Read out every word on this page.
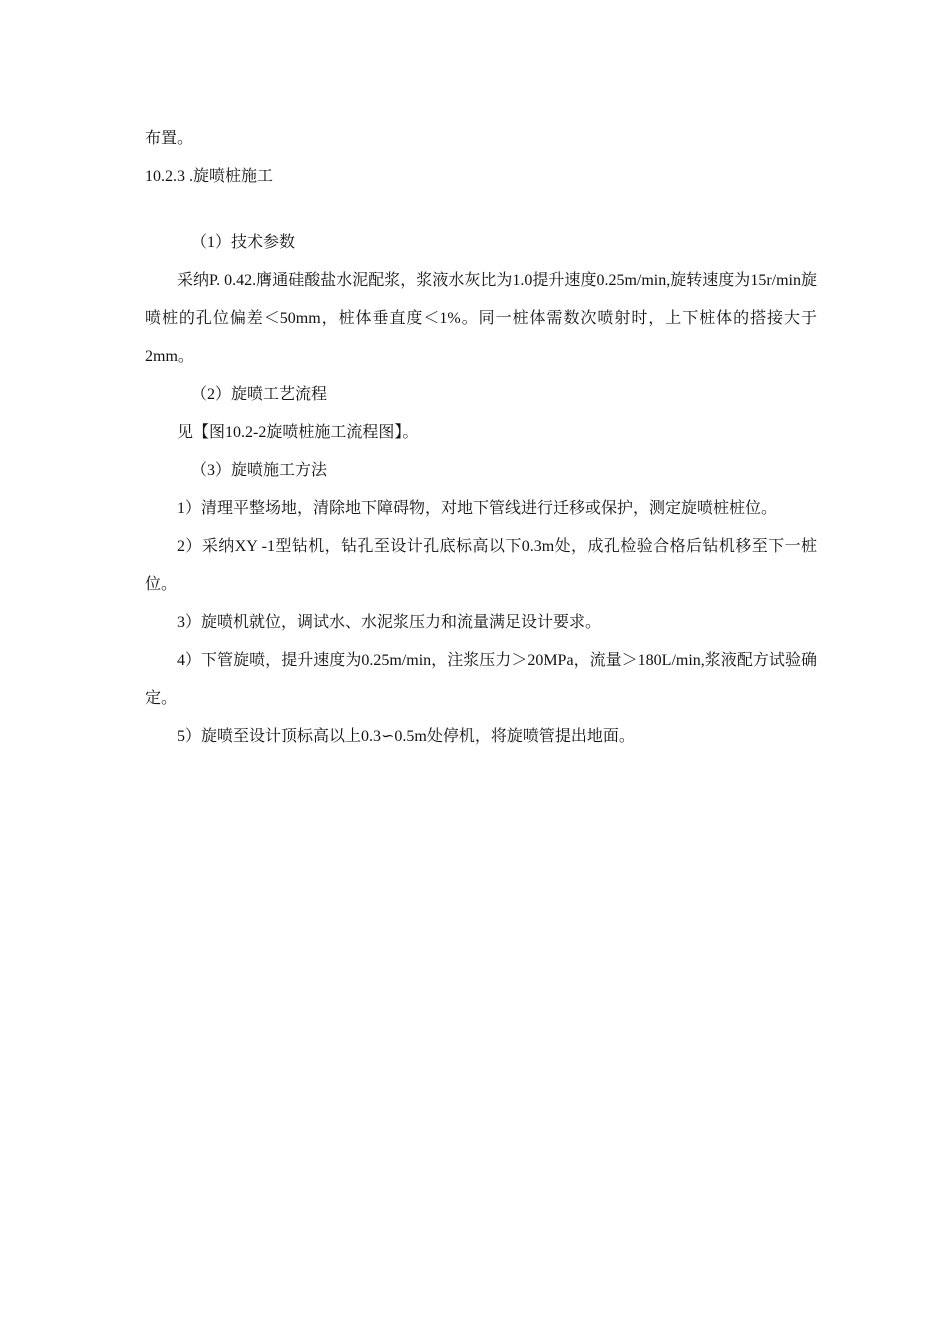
布置。

10.2.3 .旋喷桩施工

（1）技术参数

采纳P. 0.42.膺通硅酸盐水泥配浆，浆液水灰比为1.0提升速度0.25m/min,旋转速度为15r/min旋喷桩的孔位偏差＜50mm，桩体垂直度＜1%。同一桩体需数次喷射时，上下桩体的搭接大于2mm。

（2）旋喷工艺流程

见【图10.2-2旋喷桩施工流程图】。

（3）旋喷施工方法

1）清理平整场地，清除地下障碍物，对地下管线进行迁移或保护，测定旋喷桩桩位。

2）采纳XY -1型钻机，钻孔至设计孔底标高以下0.3m处，成孔检验合格后钻机移至下一桩位。

3）旋喷机就位，调试水、水泥浆压力和流量满足设计要求。

4）下管旋喷，提升速度为0.25m/min，注浆压力＞20MPa，流量＞180L/min,浆液配方试验确定。

5）旋喷至设计顶标高以上0.3∽0.5m处停机，将旋喷管提出地面。
